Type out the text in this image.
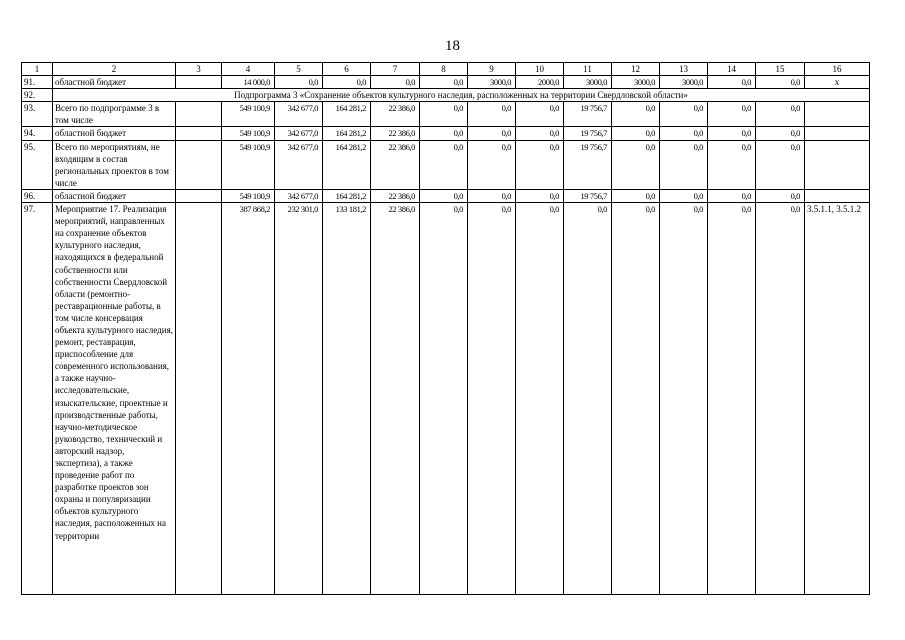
18
1	2	3	4	5	6	7	8	9	10	11	12	13	14	15	16
91.	областной бюджет		14 000,0	0,0	0,0	0,0	0,0	3000,0	2000,0	3000,0	3000,0	3000,0	0,0	0,0	x
92.	Подпрограмма 3 «Сохранение объектов культурного наследия, расположенных на территории Свердловской области»														
93.	Всего по подпрограмме 3 в том числе		549 100,9	342 677,0	164 281,2	22 386,0	0,0	0,0	0,0	19 756,7	0,0	0,0	0,0	0,0	
94.	областной бюджет		549 100,9	342 677,0	164 281,2	22 386,0	0,0	0,0	0,0	19 756,7	0,0	0,0	0,0	0,0	
95.	Всего по мероприятиям, не входящим в состав региональных проектов в том числе		549 100,9	342 677,0	164 281,2	22 386,0	0,0	0,0	0,0	19 756,7	0,0	0,0	0,0	0,0	
96.	областной бюджет		549 100,9	342 677,0	164 281,2	22 386,0	0,0	0,0	0,0	19 756,7	0,0	0,0	0,0	0,0	
97.	Мероприятие 17. Реализация мероприятий, направленных на сохранение объектов культурного наследия, находящихся в федеральной собственности или собственности Свердловской области (ремонтно-реставрационные работы, в том числе консервация объекта культурного наследия, ремонт, реставрация, приспособление для современного использования, а также научно-исследовательские, изыскательские, проектные и производственные работы, научно-методическое руководство, технический и авторский надзор, экспертиза), а также проведение работ по разработке проектов зон охраны и популяризации объектов культурного наследия, расположенных на территории		387 868,2	232 301,0	133 181,2	22 386,0	0,0	0,0	0,0	0,0	0,0	0,0	0,0	0,0	3.5.1.1, 3.5.1.2
